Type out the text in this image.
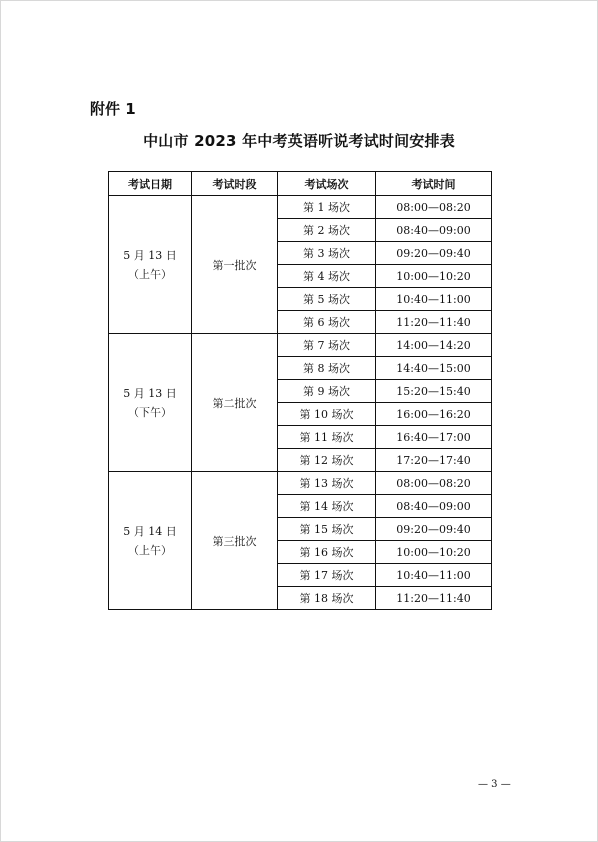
附件 1
中山市 2023 年中考英语听说考试时间安排表
考试日期	考试时段	考试场次	考试时间

5 月 13 日
（上午）	第一批次	第 1 场次	08:00—08:20
		第 2 场次	08:40—09:00
		第 3 场次	09:20—09:40
		第 4 场次	10:00—10:20
		第 5 场次	10:40—11:00
		第 6 场次	11:20—11:40

5 月 13 日
（下午）	第二批次	第 7 场次	14:00—14:20
		第 8 场次	14:40—15:00
		第 9 场次	15:20—15:40
		第 10 场次	16:00—16:20
		第 11 场次	16:40—17:00
		第 12 场次	17:20—17:40

5 月 14 日
（上午）	第三批次	第 13 场次	08:00—08:20
		第 14 场次	08:40—09:00
		第 15 场次	09:20—09:40
		第 16 场次	10:00—10:20
		第 17 场次	10:40—11:00
		第 18 场次	11:20—11:40
— 3 —
